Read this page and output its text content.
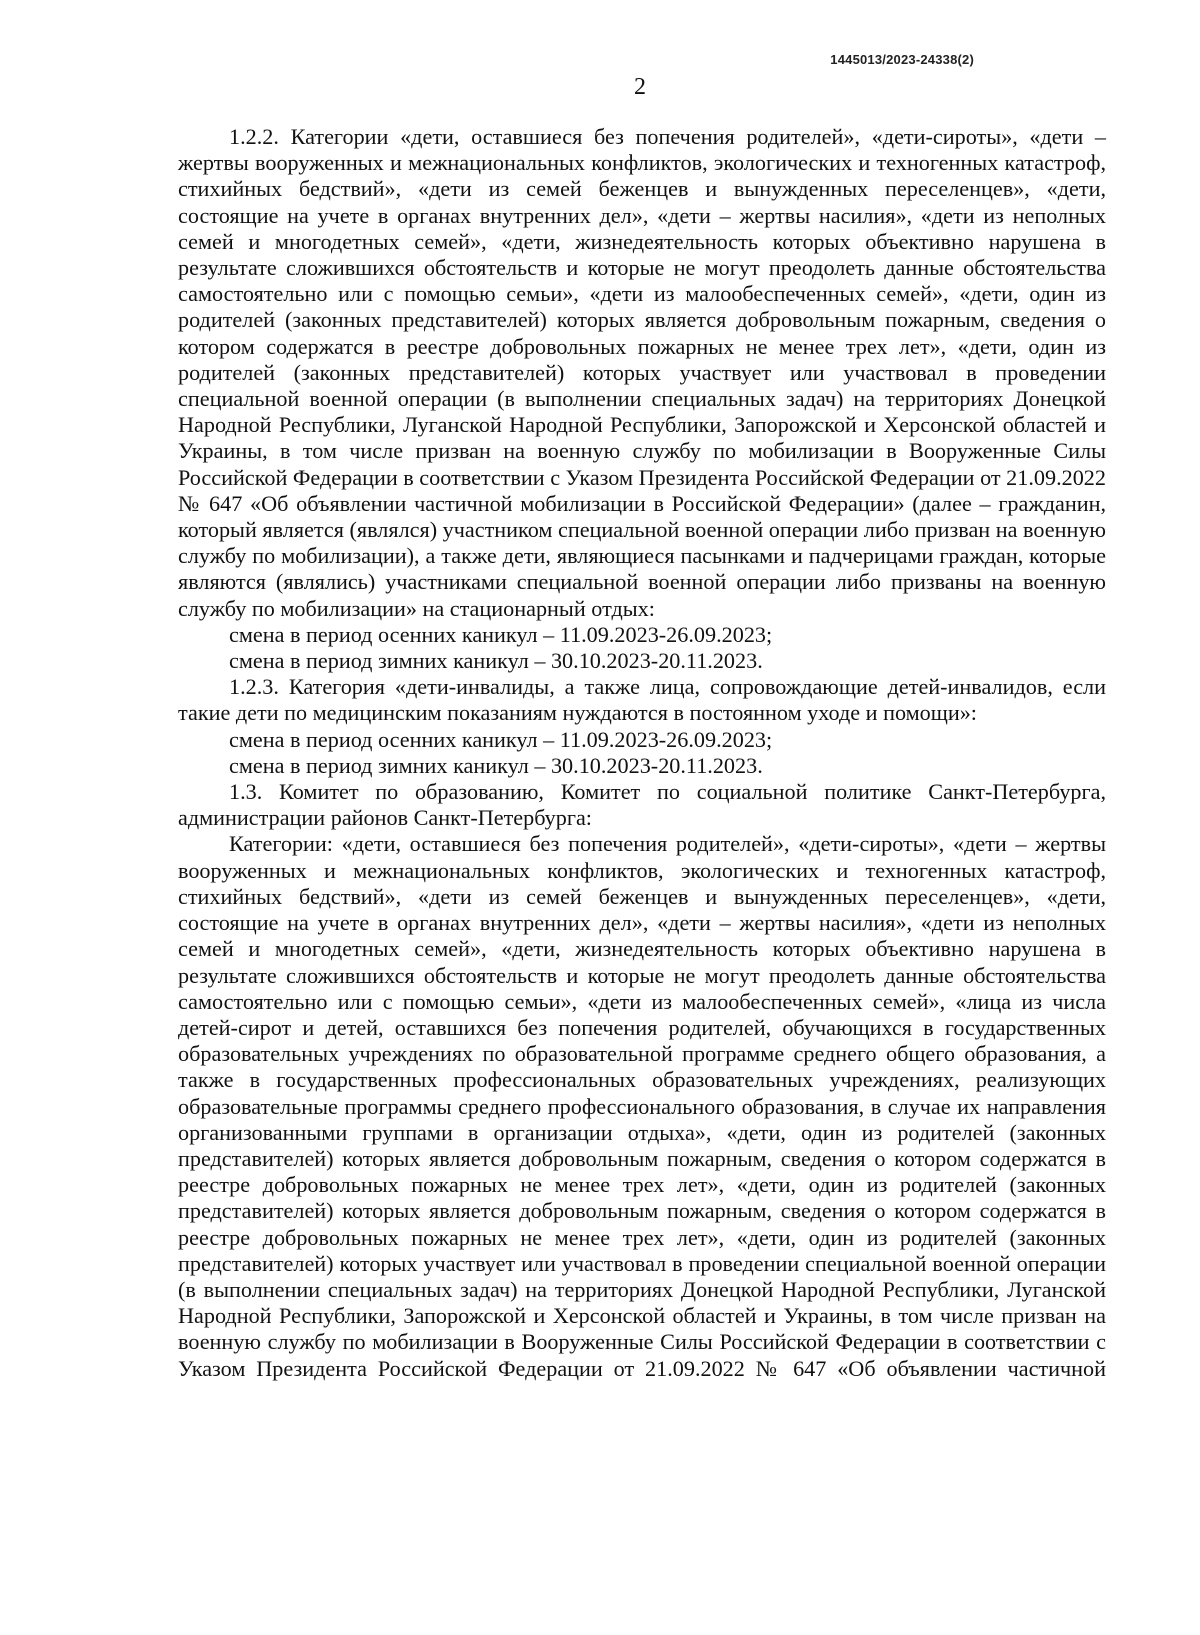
1445013/2023-24338(2)
2

1.2.2. Категории «дети, оставшиеся без попечения родителей», «дети-сироты», «дети – жертвы вооруженных и межнациональных конфликтов, экологических и техногенных катастроф, стихийных бедствий», «дети из семей беженцев и вынужденных переселенцев», «дети, состоящие на учете в органах внутренних дел», «дети – жертвы насилия», «дети из неполных семей и многодетных семей», «дети, жизнедеятельность которых объективно нарушена в результате сложившихся обстоятельств и которые не могут преодолеть данные обстоятельства самостоятельно или с помощью семьи», «дети из малообеспеченных семей», «дети, один из родителей (законных представителей) которых является добровольным пожарным, сведения о котором содержатся в реестре добровольных пожарных не менее трех лет», «дети, один из родителей (законных представителей) которых участвует или участвовал в проведении специальной военной операции (в выполнении специальных задач) на территориях Донецкой Народной Республики, Луганской Народной Республики, Запорожской и Херсонской областей и Украины, в том числе призван на военную службу по мобилизации в Вооруженные Силы Российской Федерации в соответствии с Указом Президента Российской Федерации от 21.09.2022 № 647 «Об объявлении частичной мобилизации в Российской Федерации» (далее – гражданин, который является (являлся) участником специальной военной операции либо призван на военную службу по мобилизации), а также дети, являющиеся пасынками и падчерицами граждан, которые являются (являлись) участниками специальной военной операции либо призваны на военную службу по мобилизации» на стационарный отдых:

смена в период осенних каникул – 11.09.2023-26.09.2023;

смена в период зимних каникул – 30.10.2023-20.11.2023.

1.2.3. Категория «дети-инвалиды, а также лица, сопровождающие детей-инвалидов, если такие дети по медицинским показаниям нуждаются в постоянном уходе и помощи»:

смена в период осенних каникул – 11.09.2023-26.09.2023;

смена в период зимних каникул – 30.10.2023-20.11.2023.

1.3. Комитет по образованию, Комитет по социальной политике Санкт-Петербурга, администрации районов Санкт-Петербурга:

Категории: «дети, оставшиеся без попечения родителей», «дети-сироты», «дети – жертвы вооруженных и межнациональных конфликтов, экологических и техногенных катастроф, стихийных бедствий», «дети из семей беженцев и вынужденных переселенцев», «дети, состоящие на учете в органах внутренних дел», «дети – жертвы насилия», «дети из неполных семей и многодетных семей», «дети, жизнедеятельность которых объективно нарушена в результате сложившихся обстоятельств и которые не могут преодолеть данные обстоятельства самостоятельно или с помощью семьи», «дети из малообеспеченных семей», «лица из числа детей-сирот и детей, оставшихся без попечения родителей, обучающихся в государственных образовательных учреждениях по образовательной программе среднего общего образования, а также в государственных профессиональных образовательных учреждениях, реализующих образовательные программы среднего профессионального образования, в случае их направления организованными группами в организации отдыха», «дети, один из родителей (законных представителей) которых является добровольным пожарным, сведения о котором содержатся в реестре добровольных пожарных не менее трех лет», «дети, один из родителей (законных представителей) которых является добровольным пожарным, сведения о котором содержатся в реестре добровольных пожарных не менее трех лет», «дети, один из родителей (законных представителей) которых участвует или участвовал в проведении специальной военной операции (в выполнении специальных задач) на территориях Донецкой Народной Республики, Луганской Народной Республики, Запорожской и Херсонской областей и Украины, в том числе призван на военную службу по мобилизации в Вооруженные Силы Российской Федерации в соответствии с Указом Президента Российской Федерации от 21.09.2022 № 647 «Об объявлении частичной
